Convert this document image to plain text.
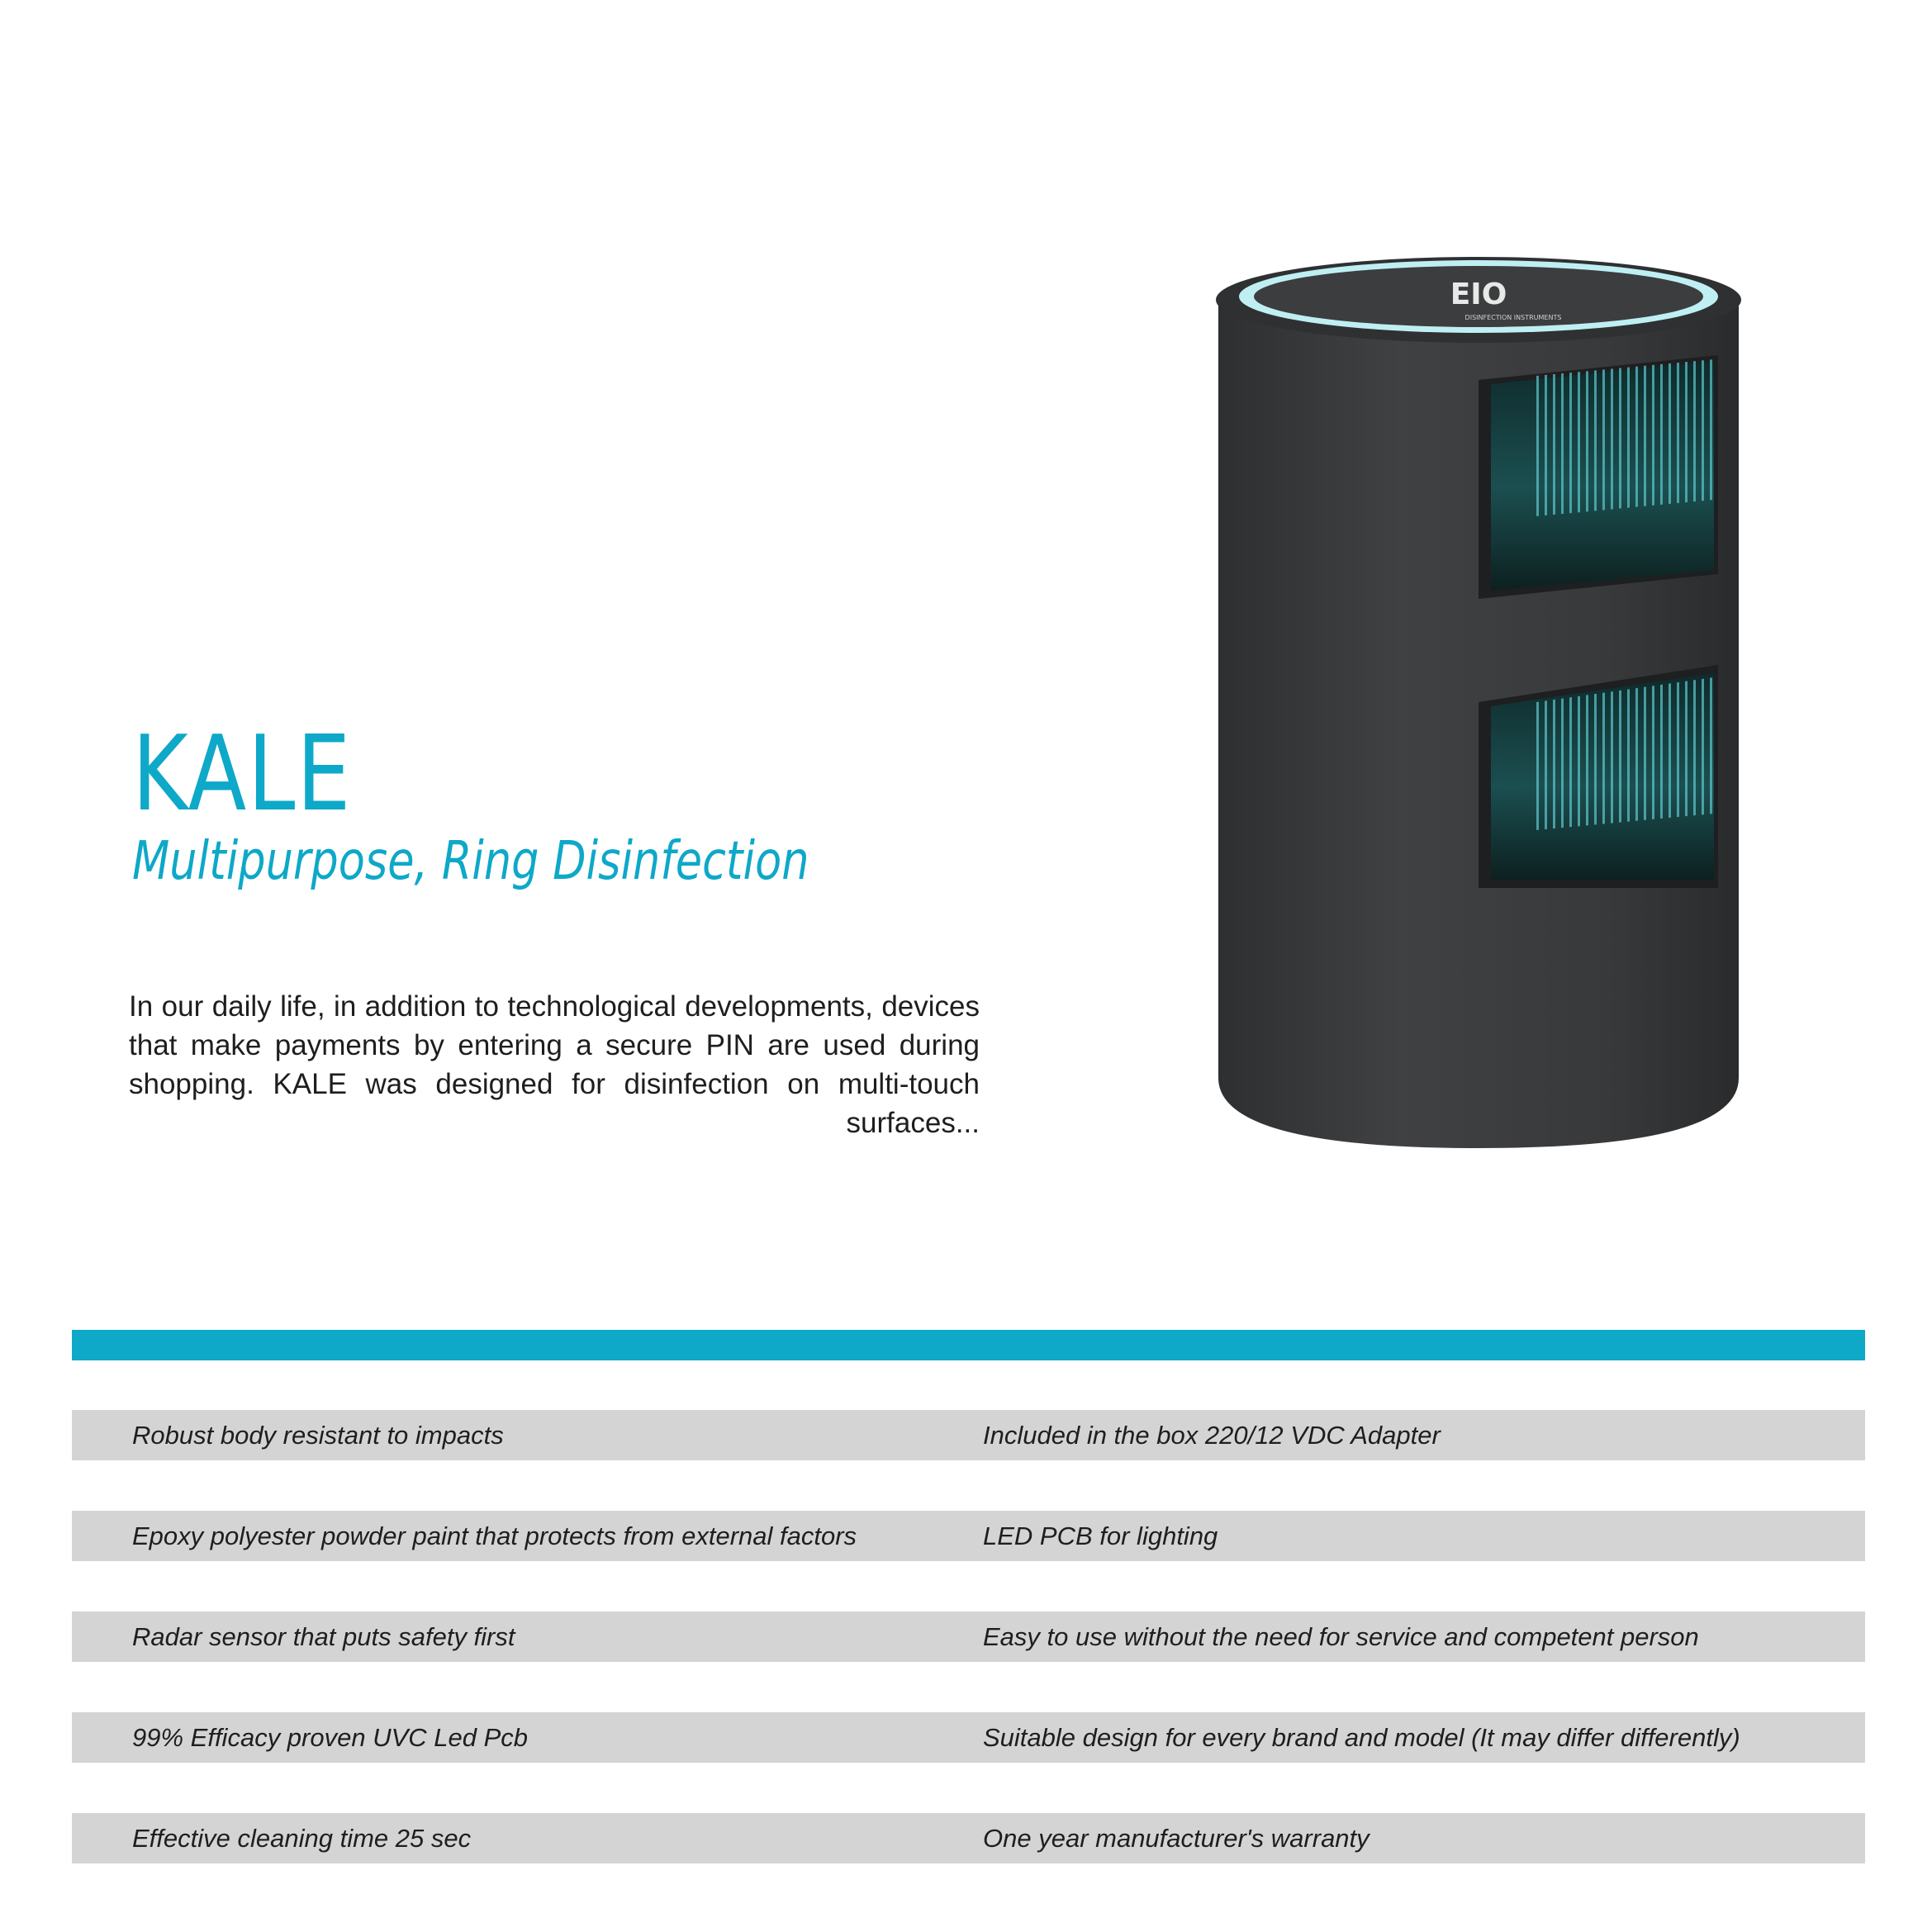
KALE
Multipurpose, Ring Disinfection
In our daily life, in addition to technological developments, devices that make payments by entering a secure PIN are used during shopping. KALE was designed for disinfection on multi-touch surfaces...
EIO
DISINFECTION INSTRUMENTS
Robust body resistant to impacts	Included in the box 220/12 VDC Adapter
Epoxy polyester powder paint that protects from external factors	LED PCB for lighting
Radar sensor that puts safety first	Easy to use without the need for service and competent person
99% Efficacy proven UVC Led Pcb	Suitable design for every brand and model (It may differ differently)
Effective cleaning time 25 sec	One year manufacturer's warranty
